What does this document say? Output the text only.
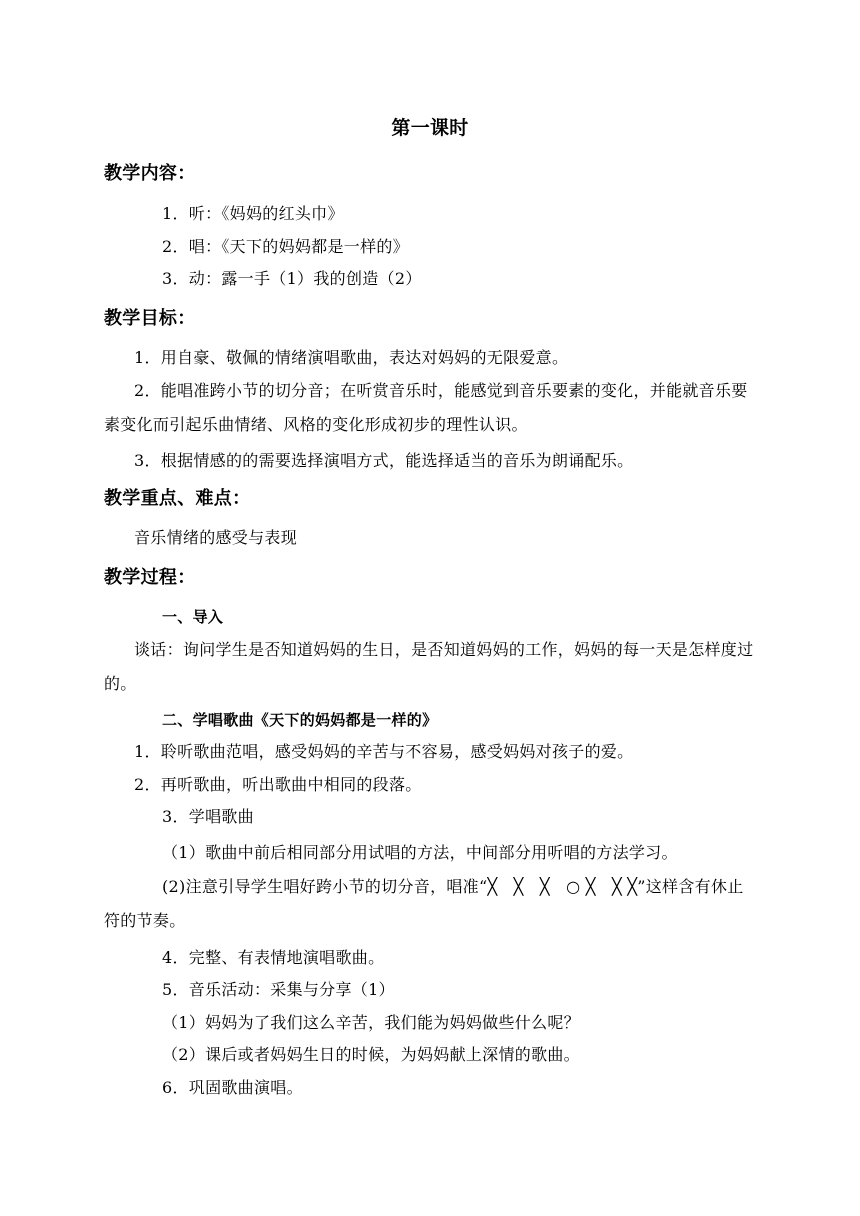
第一课时
教学内容：
1．听：《妈妈的红头巾》
2．唱：《天下的妈妈都是一样的》
3．动：露一手（1）我的创造（2）
教学目标：
1．用自豪、敬佩的情绪演唱歌曲，表达对妈妈的无限爱意。
2．能唱准跨小节的切分音；在听赏音乐时，能感觉到音乐要素的变化，并能就音乐要素变化而引起乐曲情绪、风格的变化形成初步的理性认识。
3．根据情感的的需要选择演唱方式，能选择适当的音乐为朗诵配乐。
教学重点、难点：
音乐情绪的感受与表现
教学过程：
一、导入
谈话：询问学生是否知道妈妈的生日，是否知道妈妈的工作，妈妈的每一天是怎样度过的。
二、学唱歌曲《天下的妈妈都是一样的》
1．聆听歌曲范唱，感受妈妈的辛苦与不容易，感受妈妈对孩子的爱。
2．再听歌曲，听出歌曲中相同的段落。
3．学唱歌曲
（1）歌曲中前后相同部分用试唱的方法，中间部分用听唱的方法学习。
(2)注意引导学生唱好跨小节的切分音，唱准“╳　╳　╳　○ ╳　╳ ╳”这样含有休止符的节奏。
4．完整、有表情地演唱歌曲。
5．音乐活动：采集与分享（1）
（1）妈妈为了我们这么辛苦，我们能为妈妈做些什么呢？
（2）课后或者妈妈生日的时候，为妈妈献上深情的歌曲。
6．巩固歌曲演唱。
